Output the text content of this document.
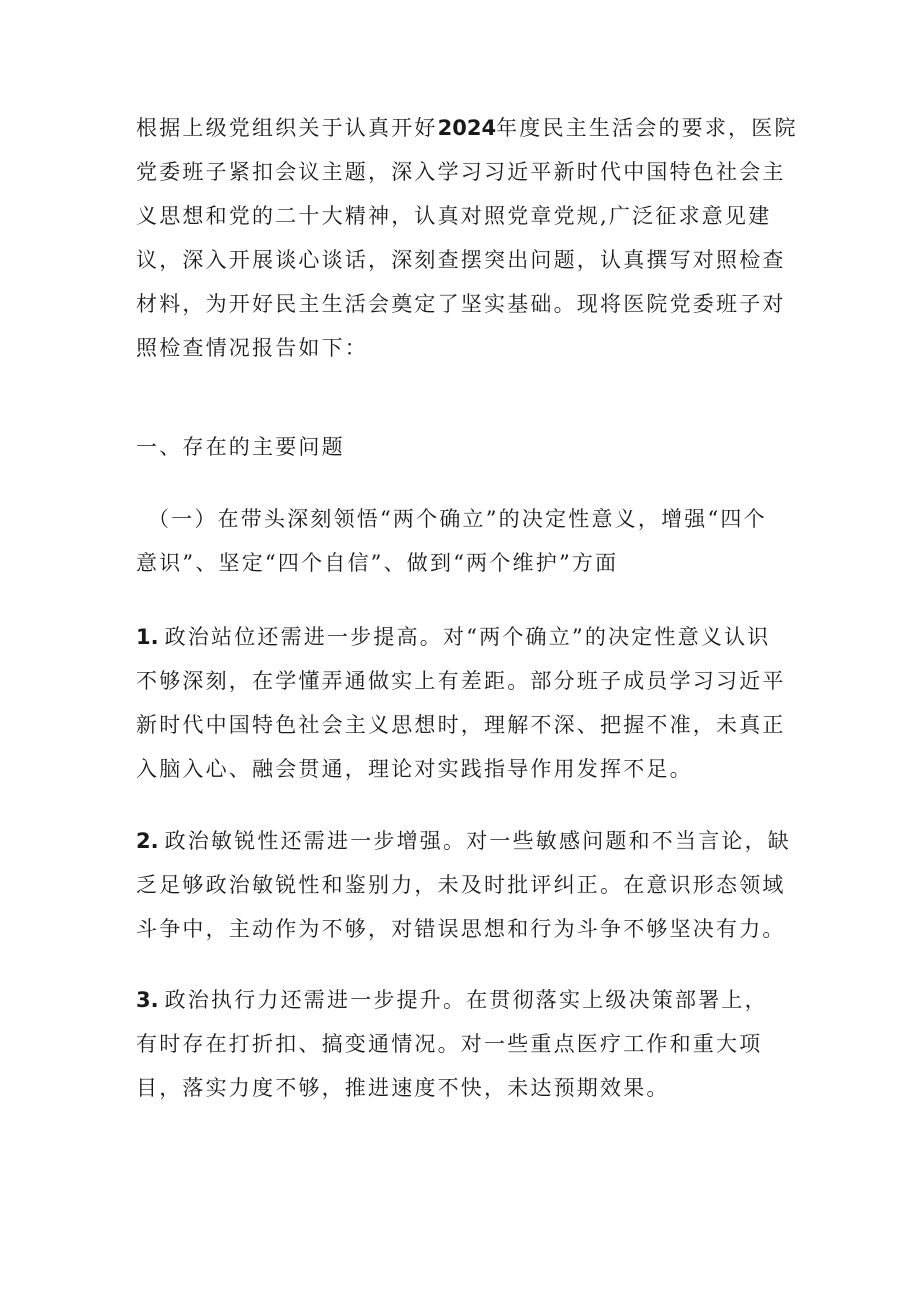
根据上级党组织关于认真开好2024年度民主生活会的要求，医院
党委班子紧扣会议主题，深入学习习近平新时代中国特色社会主
义思想和党的二十大精神，认真对照党章党规,广泛征求意见建
议，深入开展谈心谈话，深刻查摆突出问题，认真撰写对照检查
材料，为开好民主生活会奠定了坚实基础。现将医院党委班子对
照检查情况报告如下：
一、存在的主要问题
（一）在带头深刻领悟“两个确立”的决定性意义，增强“四个
意识”、坚定“四个自信”、做到“两个维护”方面
1. 政治站位还需进一步提高。对“两个确立”的决定性意义认识
不够深刻，在学懂弄通做实上有差距。部分班子成员学习习近平
新时代中国特色社会主义思想时，理解不深、把握不准，未真正
入脑入心、融会贯通，理论对实践指导作用发挥不足。
2. 政治敏锐性还需进一步增强。对一些敏感问题和不当言论，缺
乏足够政治敏锐性和鉴别力，未及时批评纠正。在意识形态领域
斗争中，主动作为不够，对错误思想和行为斗争不够坚决有力。
3. 政治执行力还需进一步提升。在贯彻落实上级决策部署上，
有时存在打折扣、搞变通情况。对一些重点医疗工作和重大项
目，落实力度不够，推进速度不快，未达预期效果。
